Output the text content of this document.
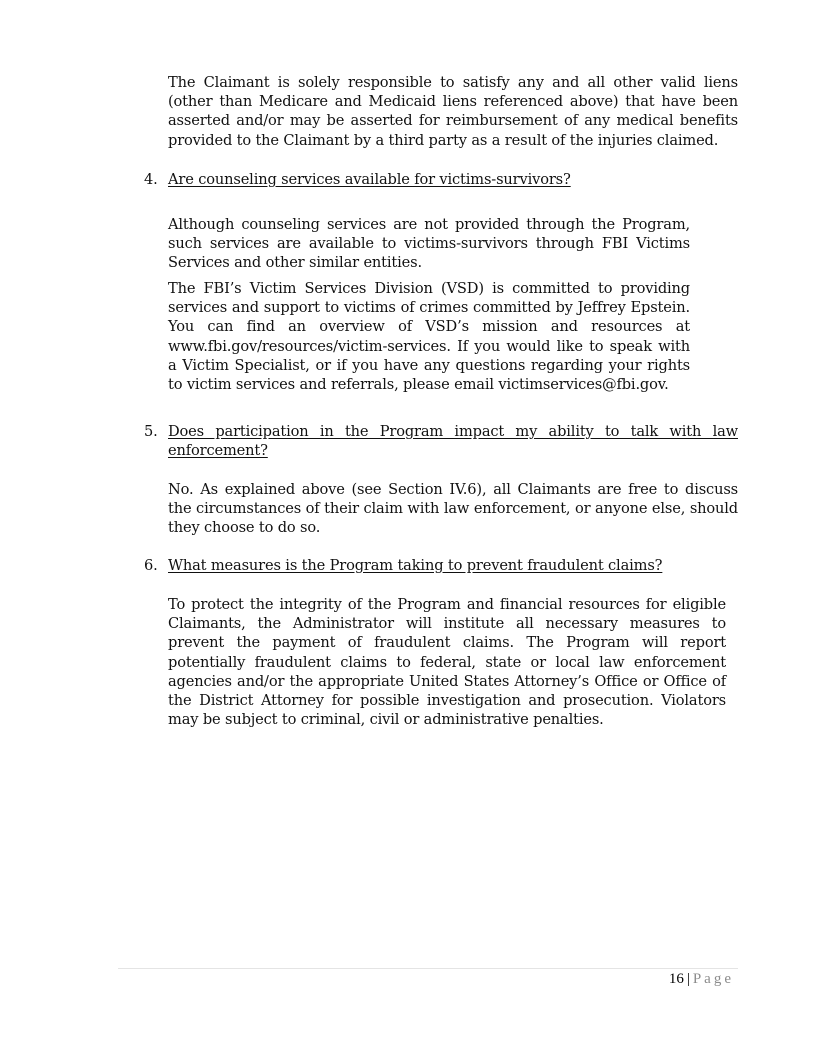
The Claimant is solely responsible to satisfy any and all other valid liens
(other than Medicare and Medicaid liens referenced above) that have been
asserted and/or may be asserted for reimbursement of any medical benefits
provided to the Claimant by a third party as a result of the injuries claimed.
4. Are counseling services available for victims-survivors?
Although counseling services are not provided through the Program,
such services are available to victims-survivors through FBI Victims
Services and other similar entities.
The FBI’s Victim Services Division (VSD) is committed to providing
services and support to victims of crimes committed by Jeffrey Epstein.
You can find an overview of VSD’s mission and resources at
www.fbi.gov/resources/victim-services. If you would like to speak with
a Victim Specialist, or if you have any questions regarding your rights
to victim services and referrals, please email victimservices@fbi.gov.
5. Does participation in the Program impact my ability to talk with law
enforcement?
No. As explained above (see Section IV.6), all Claimants are free to discuss
the circumstances of their claim with law enforcement, or anyone else, should
they choose to do so.
6. What measures is the Program taking to prevent fraudulent claims?
To protect the integrity of the Program and financial resources for eligible
Claimants, the Administrator will institute all necessary measures to
prevent the payment of fraudulent claims. The Program will report
potentially fraudulent claims to federal, state or local law enforcement
agencies and/or the appropriate United States Attorney’s Office or Office of
the District Attorney for possible investigation and prosecution. Violators
may be subject to criminal, civil or administrative penalties.
16 | Page
